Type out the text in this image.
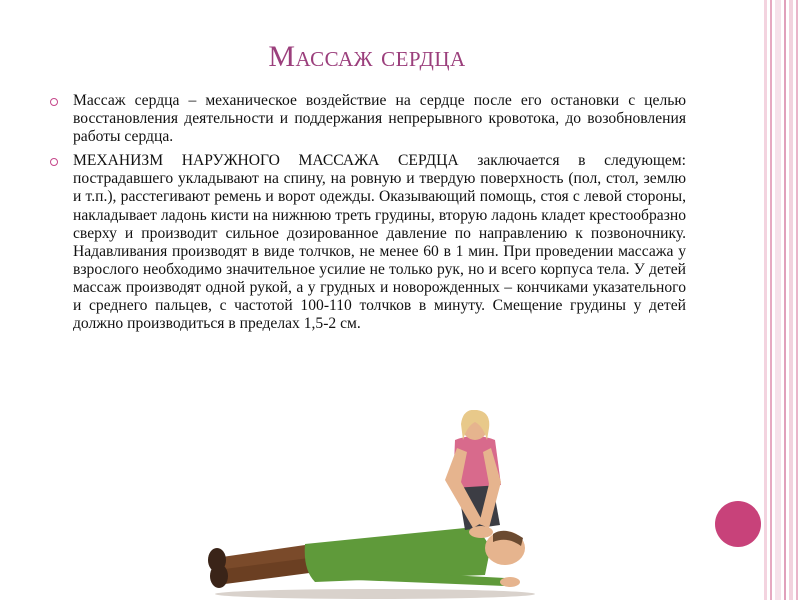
Массаж сердца
Массаж сердца – механическое воздействие на сердце после его остановки с целью восстановления деятельности и поддержания непрерывного кровотока, до возобновления работы сердца.
МЕХАНИЗМ НАРУЖНОГО МАССАЖА СЕРДЦА заключается в следующем: пострадавшего укладывают на спину, на ровную и твердую поверхность (пол, стол, землю и т.п.), расстегивают ремень и ворот одежды. Оказывающий помощь, стоя с левой стороны, накладывает ладонь кисти на нижнюю треть грудины, вторую ладонь кладет крестообразно сверху и производит сильное дозированное давление по направлению к позвоночнику. Надавливания производят в виде толчков, не менее 60 в 1 мин. При проведении массажа у взрослого необходимо значительное усилие не только рук, но и всего корпуса тела. У детей массаж производят одной рукой, а у грудных и новорожденных – кончиками указательного и среднего пальцев, с частотой 100-110 толчков в минуту. Смещение грудины у детей должно производиться в пределах 1,5-2 см.
